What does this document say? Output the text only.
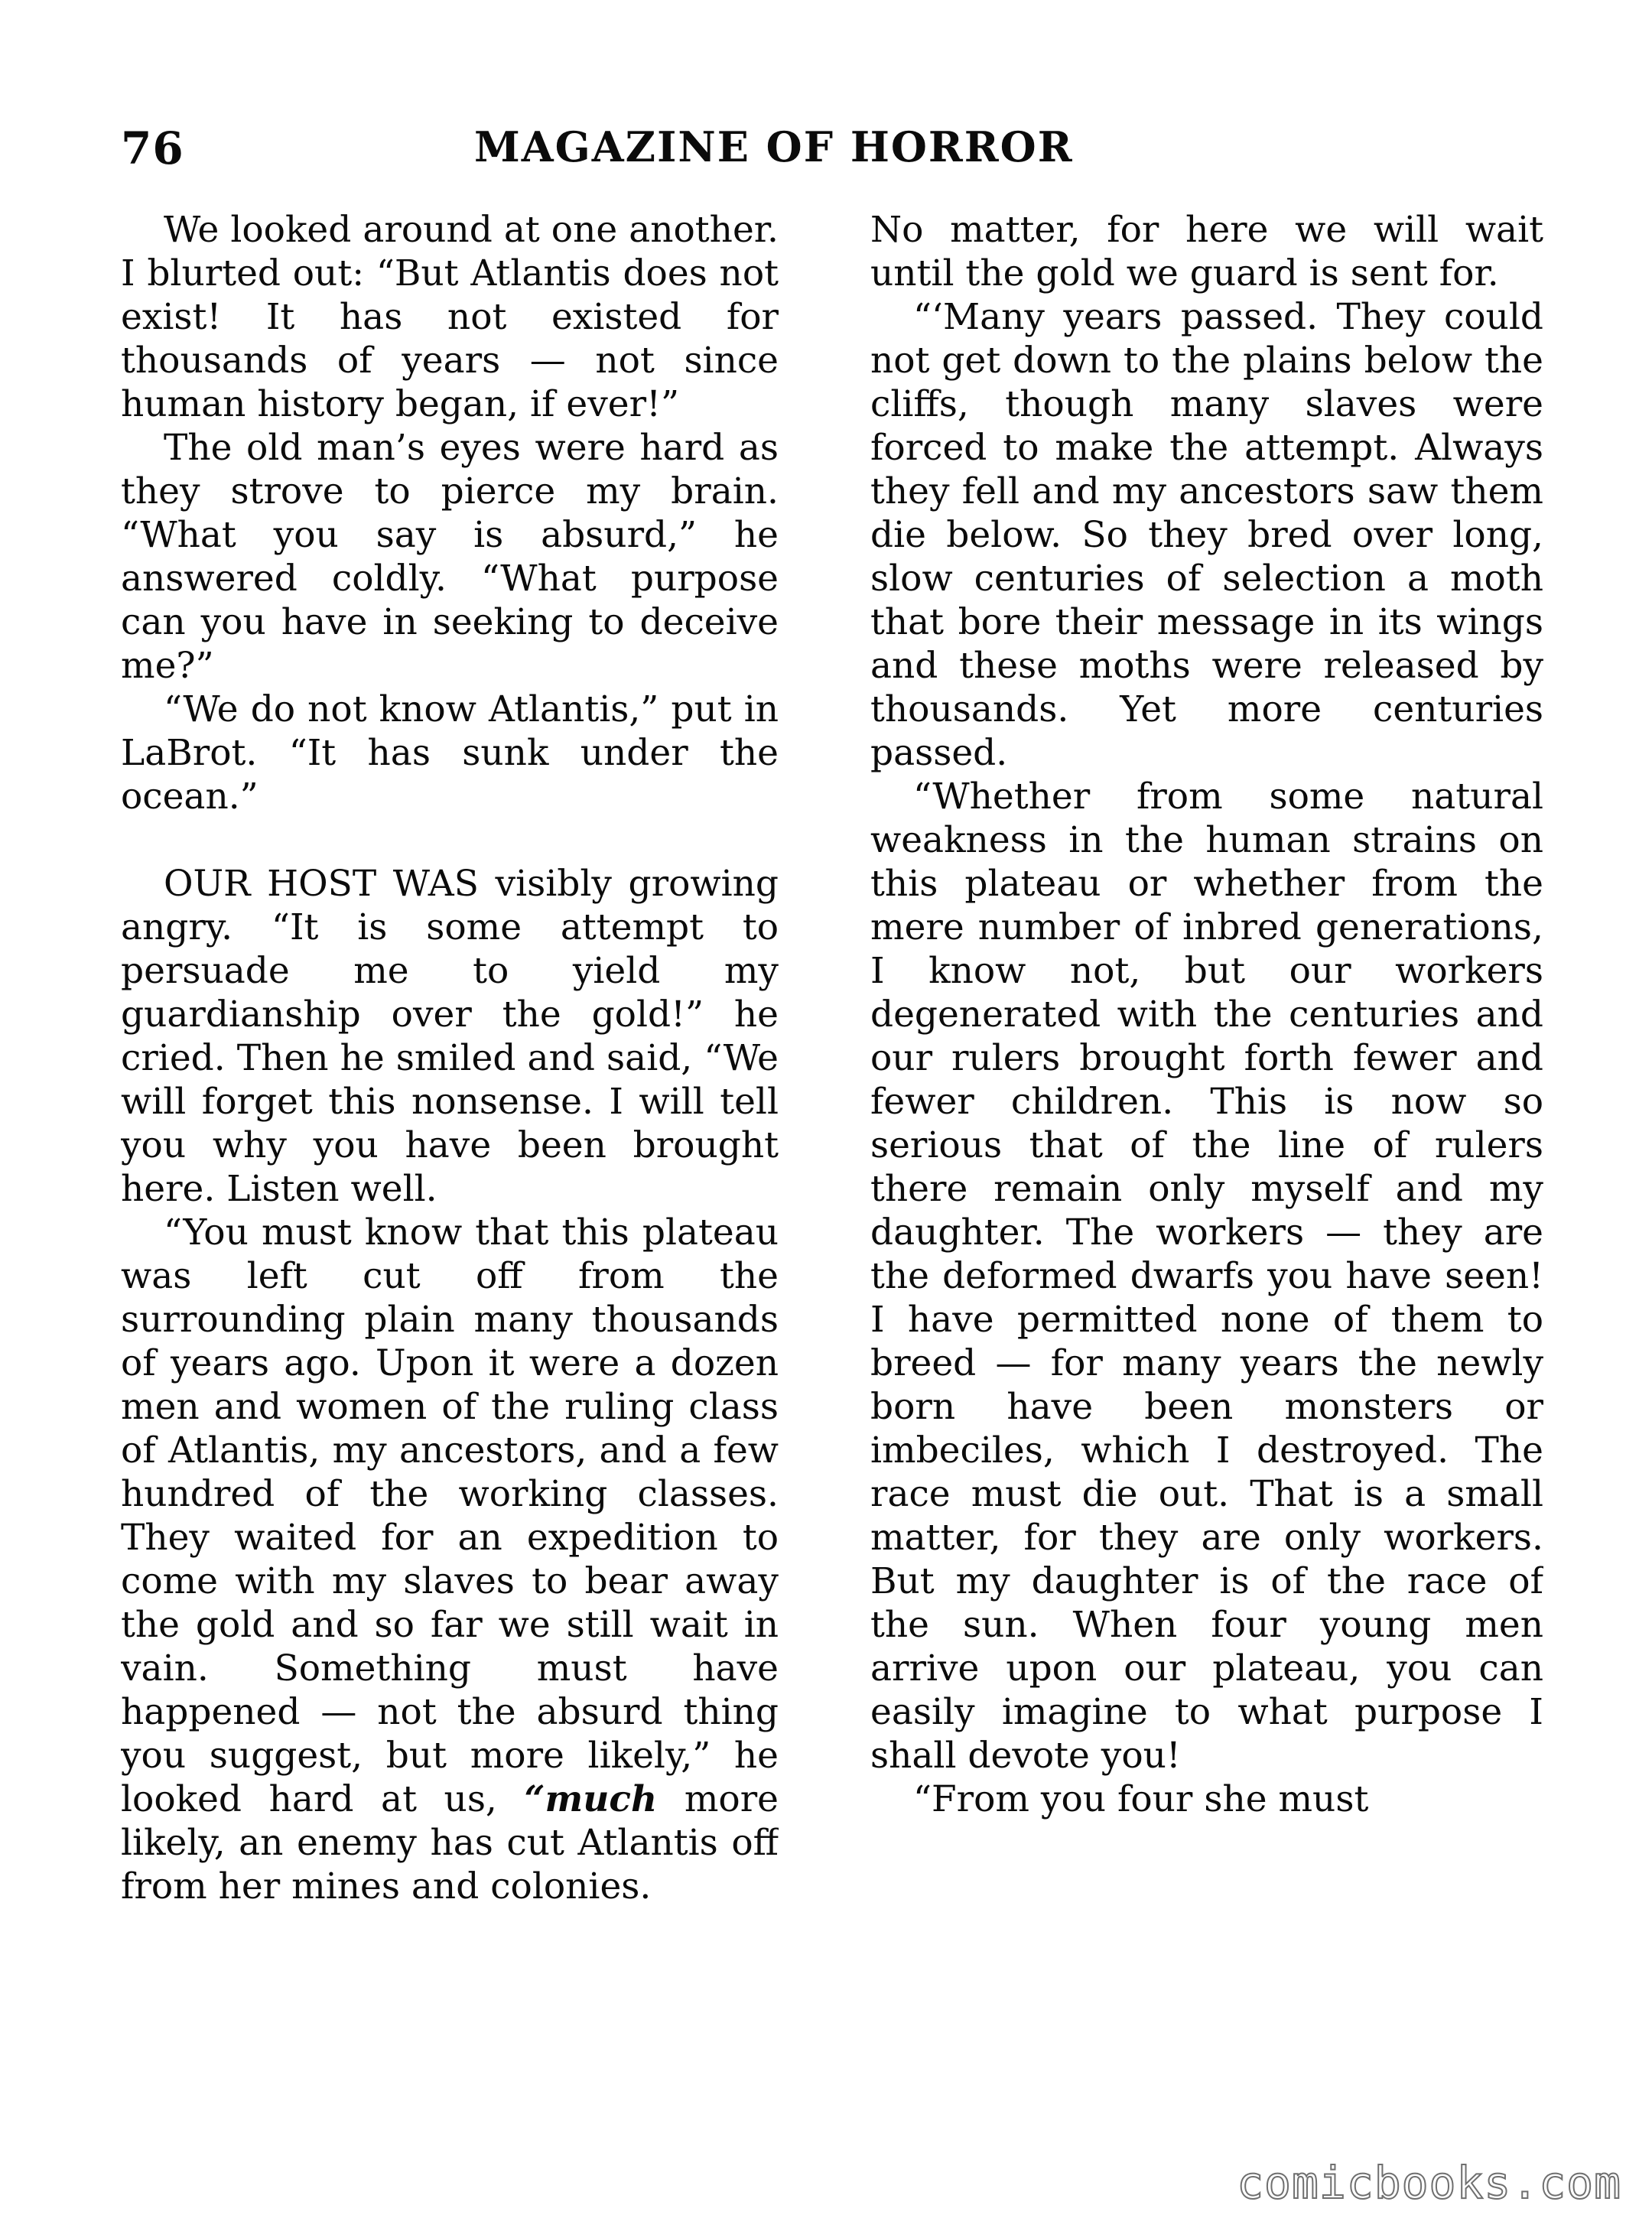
76	MAGAZINE OF HORROR

We looked around at one another. I blurted out: “But Atlantis does not exist! It has not existed for thousands of years — not since human history began, if ever!”

The old man’s eyes were hard as they strove to pierce my brain. “What you say is absurd,” he answered coldly. “What purpose can you have in seeking to deceive me?”

“We do not know Atlantis,” put in LaBrot. “It has sunk under the ocean.”

OUR HOST WAS visibly growing angry. “It is some attempt to persuade me to yield my guardianship over the gold!” he cried. Then he smiled and said, “We will forget this nonsense. I will tell you why you have been brought here. Listen well.

“You must know that this plateau was left cut off from the surrounding plain many thousands of years ago. Upon it were a dozen men and women of the ruling class of Atlantis, my ancestors, and a few hundred of the working classes. They waited for an expedition to come with my slaves to bear away the gold and so far we still wait in vain. Something must have happened — not the absurd thing you suggest, but more likely,” he looked hard at us, “much more likely, an enemy has cut Atlantis off from her mines and colonies.

No matter, for here we will wait until the gold we guard is sent for.

“‘Many years passed. They could not get down to the plains below the cliffs, though many slaves were forced to make the attempt. Always they fell and my ancestors saw them die below. So they bred over long, slow centuries of selection a moth that bore their message in its wings and these moths were released by thousands. Yet more centuries passed.

“Whether from some natural weakness in the human strains on this plateau or whether from the mere number of inbred generations, I know not, but our workers degenerated with the centuries and our rulers brought forth fewer and fewer children. This is now so serious that of the line of rulers there remain only myself and my daughter. The workers — they are the deformed dwarfs you have seen! I have permitted none of them to breed — for many years the newly born have been monsters or imbeciles, which I destroyed. The race must die out. That is a small matter, for they are only workers. But my daughter is of the race of the sun. When four young men arrive upon our plateau, you can easily imagine to what purpose I shall devote you!

“From you four she must

comicbooks.com
